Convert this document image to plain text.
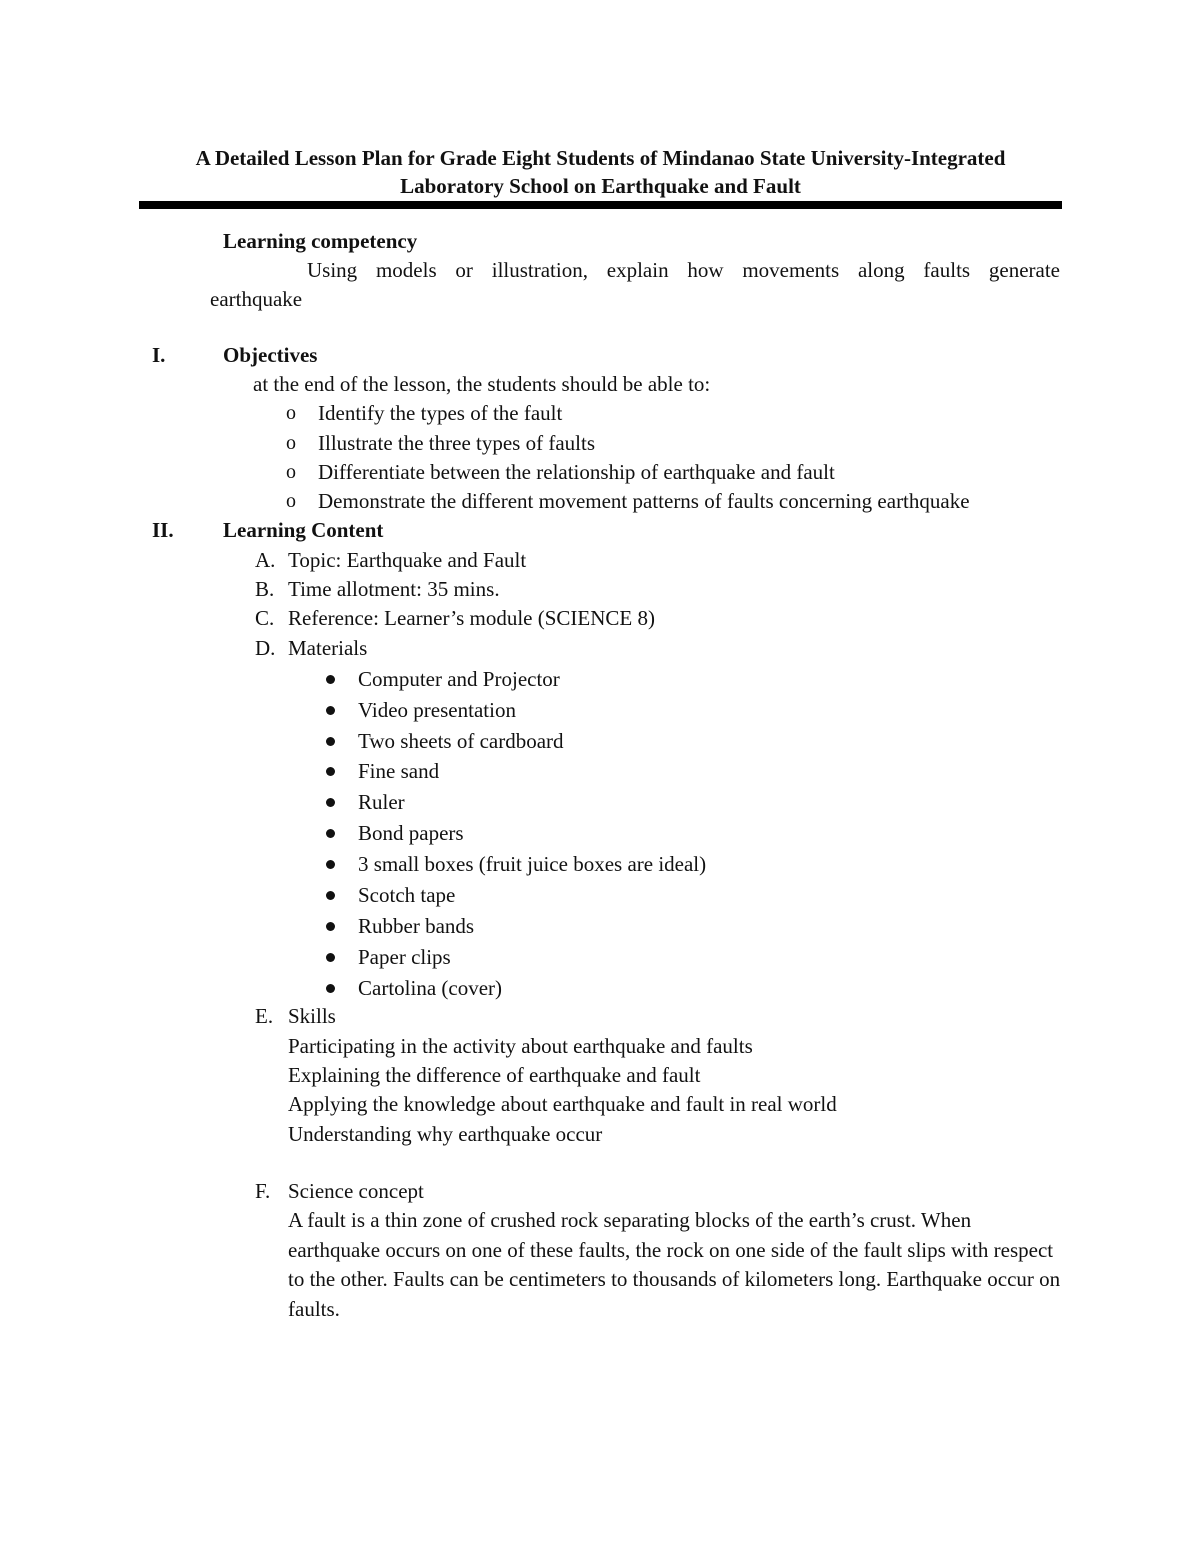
A Detailed Lesson Plan for Grade Eight Students of Mindanao State University-Integrated
Laboratory School on Earthquake and Fault
Learning competency
Using models or illustration, explain how movements along faults generate
earthquake
I.	Objectives
at the end of the lesson, the students should be able to:
o Identify the types of the fault
o Illustrate the three types of faults
o Differentiate between the relationship of earthquake and fault
o Demonstrate the different movement patterns of faults concerning earthquake
II. Learning Content
A. Topic: Earthquake and Fault
B. Time allotment: 35 mins.
C. Reference: Learner’s module (SCIENCE 8)
D. Materials
Computer and Projector
Video presentation
Two sheets of cardboard
Fine sand
Ruler
Bond papers
3 small boxes (fruit juice boxes are ideal)
Scotch tape
Rubber bands
Paper clips
Cartolina (cover)
E. Skills
Participating in the activity about earthquake and faults
Explaining the difference of earthquake and fault
Applying the knowledge about earthquake and fault in real world
Understanding why earthquake occur
F. Science concept
A fault is a thin zone of crushed rock separating blocks of the earth’s crust. When earthquake occurs on one of these faults, the rock on one side of the fault slips with respect to the other. Faults can be centimeters to thousands of kilometers long. Earthquake occur on faults.
